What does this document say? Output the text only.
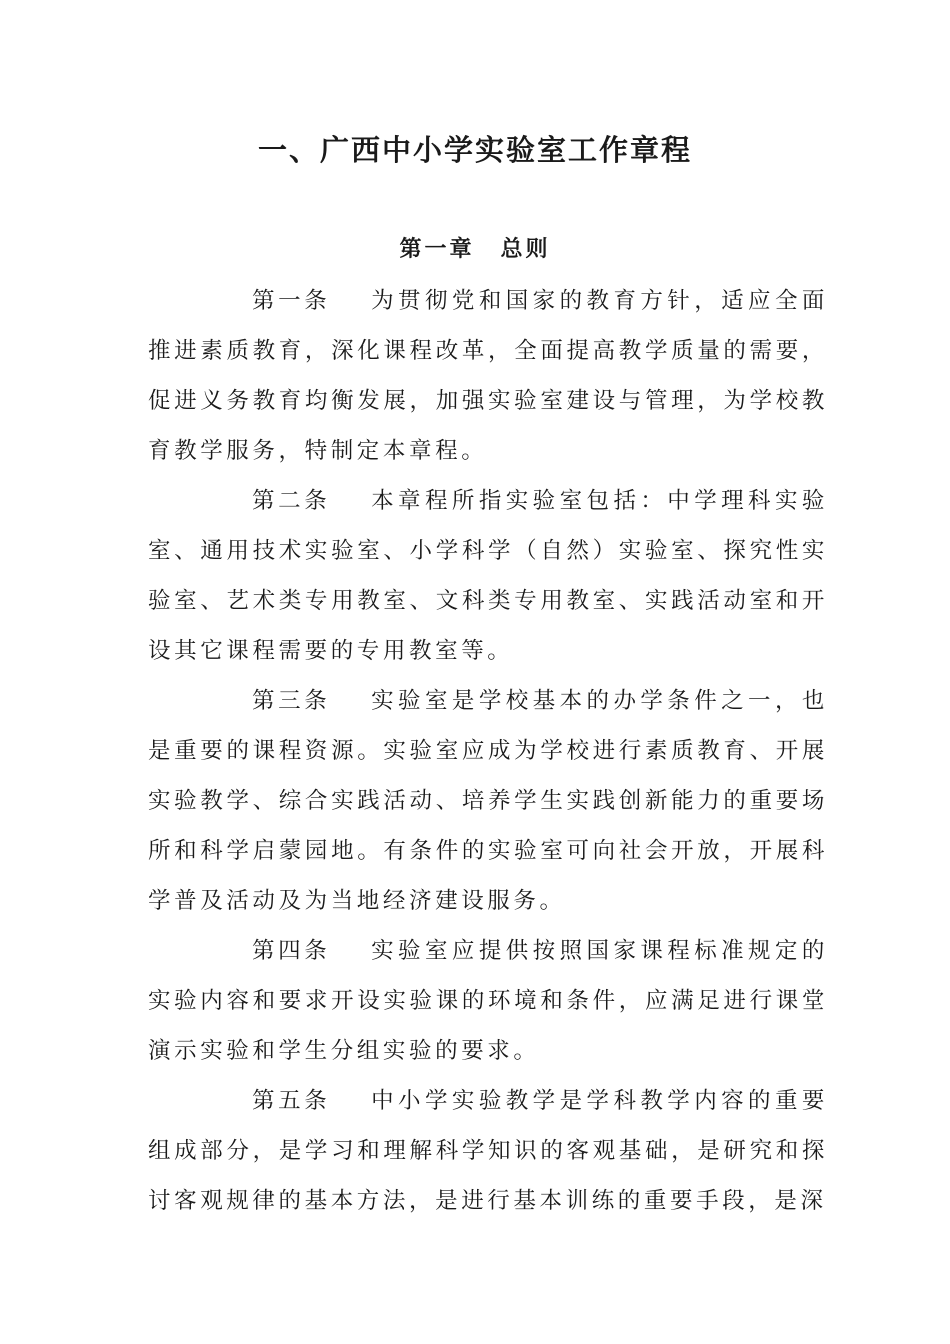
一、广西中小学实验室工作章程
第一章 总则

第一条 为贯彻党和国家的教育方针，适应全面推进素质教育，深化课程改革，全面提高教学质量的需要，促进义务教育均衡发展，加强实验室建设与管理，为学校教育教学服务，特制定本章程。

第二条 本章程所指实验室包括：中学理科实验室、通用技术实验室、小学科学（自然）实验室、探究性实验室、艺术类专用教室、文科类专用教室、实践活动室和开设其它课程需要的专用教室等。

第三条 实验室是学校基本的办学条件之一，也是重要的课程资源。实验室应成为学校进行素质教育、开展实验教学、综合实践活动、培养学生实践创新能力的重要场所和科学启蒙园地。有条件的实验室可向社会开放，开展科学普及活动及为当地经济建设服务。

第四条 实验室应提供按照国家课程标准规定的实验内容和要求开设实验课的环境和条件，应满足进行课堂演示实验和学生分组实验的要求。

第五条 中小学实验教学是学科教学内容的重要组成部分，是学习和理解科学知识的客观基础，是研究和探讨客观规律的基本方法，是进行基本训练的重要手段，是深
